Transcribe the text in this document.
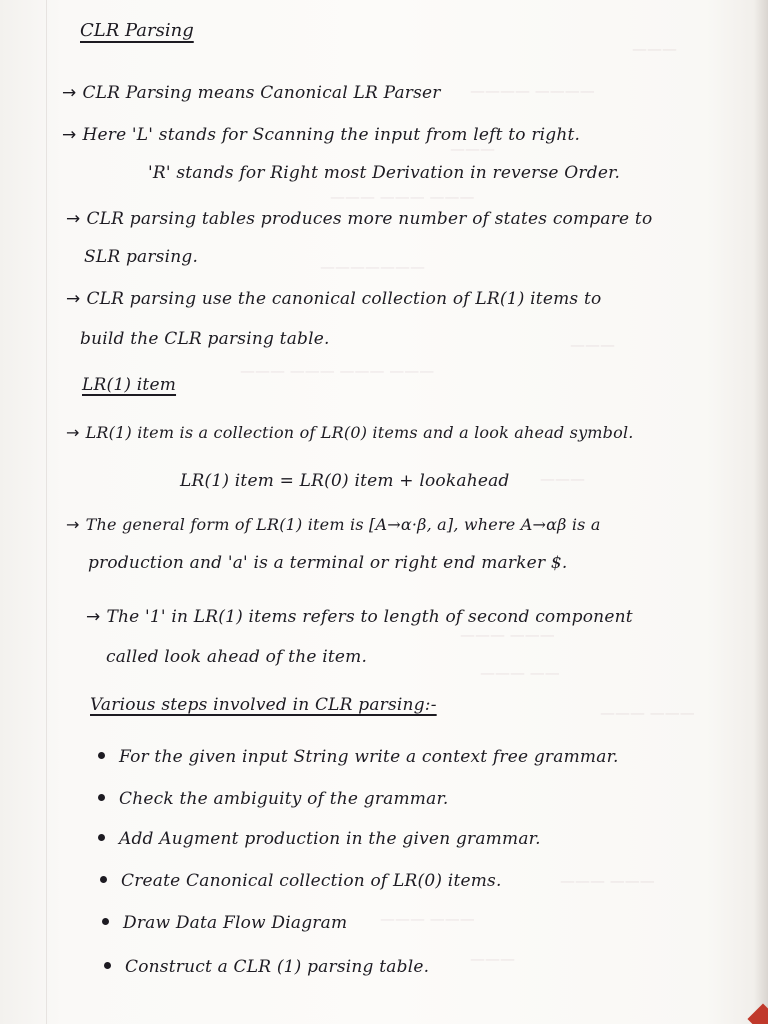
———
———— ————
———
——— ——— ———
———————
———
——— ——— ——— ———
———
——— ———
——— ——
——— ———
——— ———
——— ———
———
CLR Parsing
→ CLR Parsing means Canonical LR Parser
→ Here 'L' stands for Scanning the input from left to right.
'R' stands for Right most Derivation in reverse Order.
→ CLR parsing tables produces more number of states compare to
SLR parsing.
→ CLR parsing use the canonical collection of LR(1) items to
build the CLR parsing table.
LR(1) item
→ LR(1) item is a collection of LR(0) items and a look ahead symbol.
LR(1) item = LR(0) item + lookahead
→ The general form of LR(1) item is [A→α·β, a], where A→αβ is a
production and 'a' is a terminal or right end marker $.
→ The '1' in LR(1) items refers to length of second component
called look ahead of the item.
Various steps involved in CLR parsing:-
For the given input String write a context free grammar.
Check the ambiguity of the grammar.
Add Augment production in the given grammar.
Create Canonical collection of LR(0) items.
Draw Data Flow Diagram
Construct a CLR (1) parsing table.
